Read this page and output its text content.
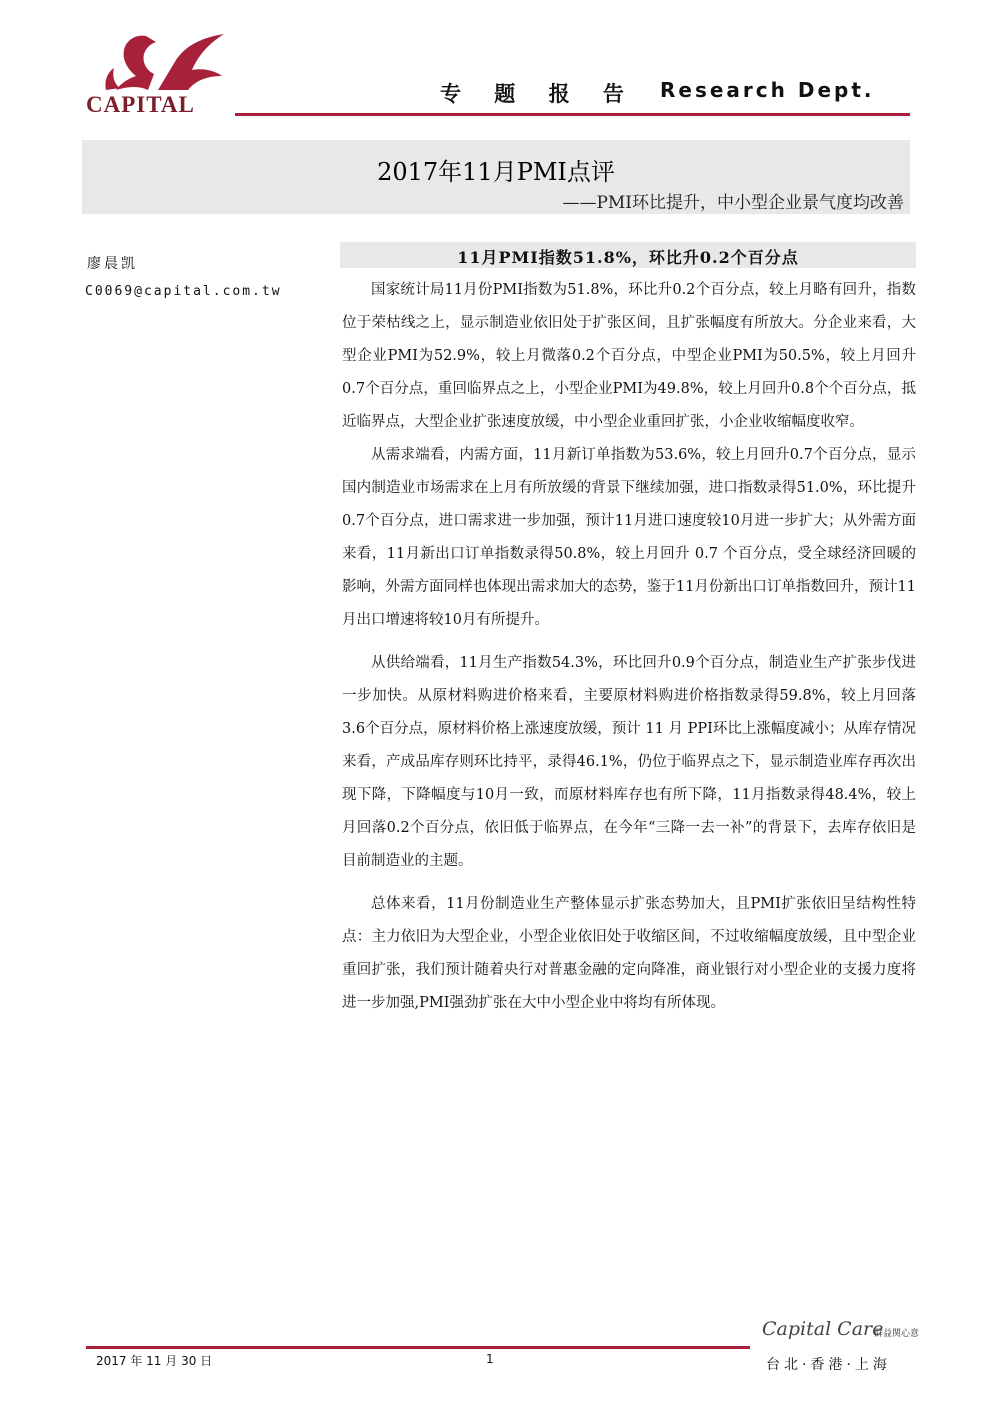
CAPITAL	专 题 报 告 Research Dept.
2017年11月PMI点评
——PMI环比提升，中小型企业景气度均改善
廖晨凯
C0069@capital.com.tw
11月PMI指数51.8%，环比升0.2个百分点

国家统计局11月份PMI指数为51.8%，环比升0.2个百分点，较上月略有回升，指数位于荣枯线之上，显示制造业依旧处于扩张区间，且扩张幅度有所放大。分企业来看，大型企业PMI为52.9%，较上月微落0.2个百分点，中型企业PMI为50.5%，较上月回升0.7个百分点，重回临界点之上，小型企业PMI为49.8%，较上月回升0.8个个百分点，抵近临界点，大型企业扩张速度放缓，中小型企业重回扩张，小企业收缩幅度收窄。

从需求端看，内需方面，11月新订单指数为53.6%，较上月回升0.7个百分点，显示国内制造业市场需求在上月有所放缓的背景下继续加强，进口指数录得51.0%，环比提升0.7个百分点，进口需求进一步加强，预计11月进口速度较10月进一步扩大；从外需方面来看，11月新出口订单指数录得50.8%，较上月回升 0.7 个百分点，受全球经济回暖的影响，外需方面同样也体现出需求加大的态势，鉴于11月份新出口订单指数回升，预计11月出口增速将较10月有所提升。

从供给端看，11月生产指数54.3%，环比回升0.9个百分点，制造业生产扩张步伐进一步加快。从原材料购进价格来看，主要原材料购进价格指数录得59.8%，较上月回落3.6个百分点，原材料价格上涨速度放缓，预计 11 月 PPI环比上涨幅度减小；从库存情况来看，产成品库存则环比持平，录得46.1%，仍位于临界点之下，显示制造业库存再次出现下降，下降幅度与10月一致，而原材料库存也有所下降，11月指数录得48.4%，较上月回落0.2个百分点，依旧低于临界点，在今年“三降一去一补”的背景下，去库存依旧是目前制造业的主题。

总体来看，11月份制造业生产整体显示扩张态势加大，且PMI扩张依旧呈结构性特点：主力依旧为大型企业，小型企业依旧处于收缩区间，不过收缩幅度放缓，且中型企业重回扩张，我们预计随着央行对普惠金融的定向降准，商业银行对小型企业的支援力度将进一步加强,PMI强劲扩张在大中小型企业中将均有所体现。

2017 年 11 月 30 日	1
Capital Care
群益関心意
台北·香港·上海
